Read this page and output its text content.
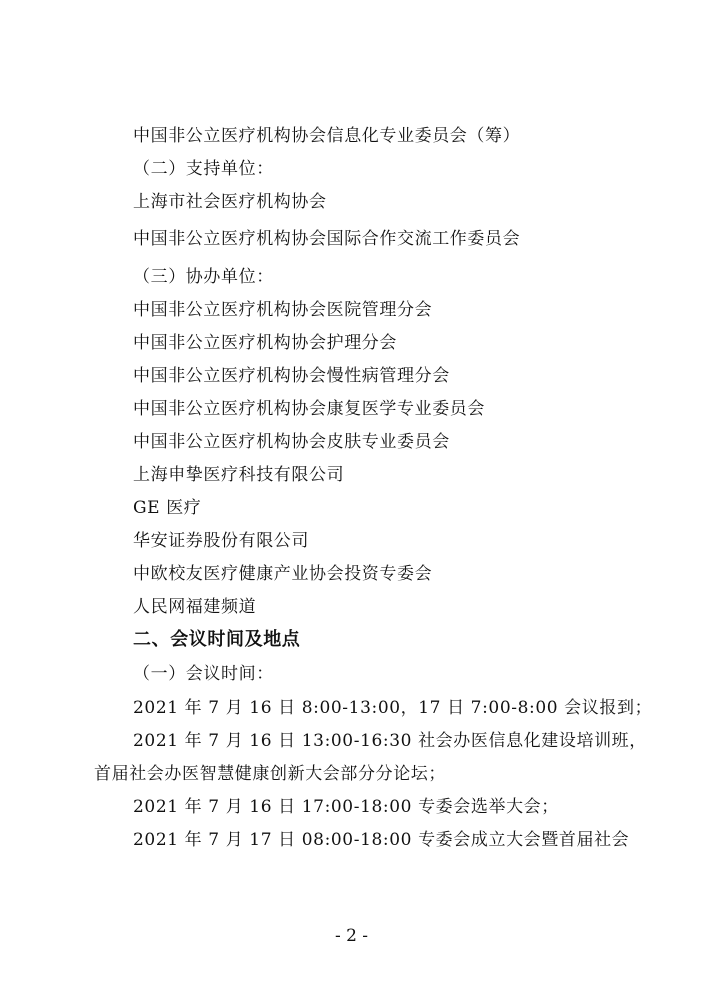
中国非公立医疗机构协会信息化专业委员会（筹）
（二）支持单位：
上海市社会医疗机构协会
中国非公立医疗机构协会国际合作交流工作委员会
（三）协办单位：
中国非公立医疗机构协会医院管理分会
中国非公立医疗机构协会护理分会
中国非公立医疗机构协会慢性病管理分会
中国非公立医疗机构协会康复医学专业委员会
中国非公立医疗机构协会皮肤专业委员会
上海申挚医疗科技有限公司
GE 医疗
华安证券股份有限公司
中欧校友医疗健康产业协会投资专委会
人民网福建频道
二、会议时间及地点
（一）会议时间：
2021 年 7 月 16 日 8:00-13:00，17 日 7:00-8:00 会议报到；
2021 年 7 月 16 日 13:00-16:30 社会办医信息化建设培训班，
首届社会办医智慧健康创新大会部分分论坛；
2021 年 7 月 16 日 17:00-18:00 专委会选举大会；
2021 年 7 月 17 日 08:00-18:00 专委会成立大会暨首届社会
- 2 -
